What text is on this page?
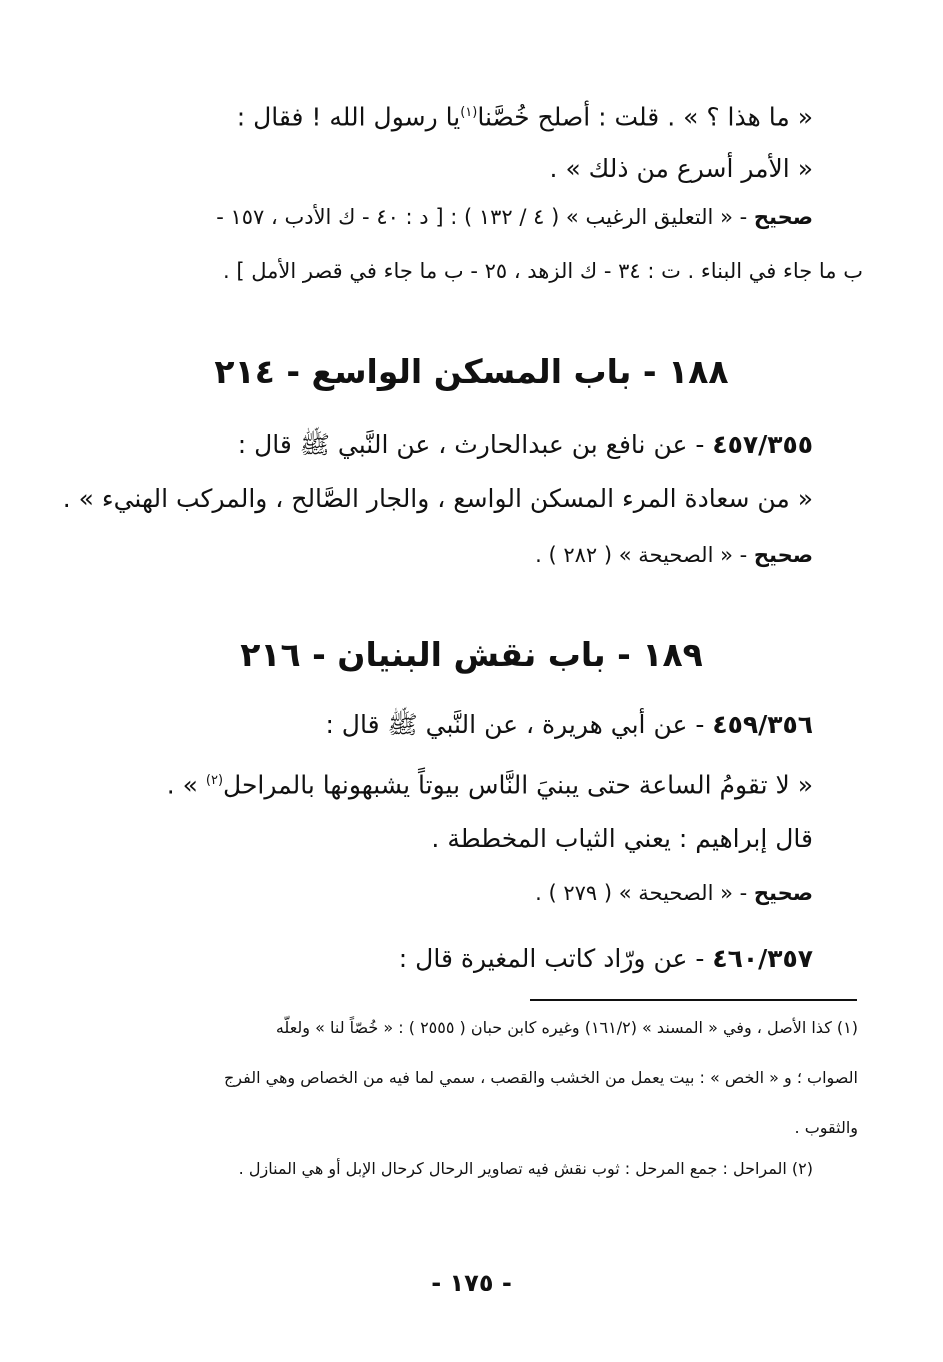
« ما هذا ؟ » . قلت : أصلح خُصَّنا$^{(١)}$يا رسول الله ! فقال :
« الأمر أسرع من ذلك » .
صحيح - « التعليق الرغيب » ( ٤ / ١٣٢ ) : [ د : ٤٠ - ك الأدب ، ١٥٧ -
ب ما جاء في البناء . ت : ٣٤ - ك الزهد ، ٢٥ - ب ما جاء في قصر الأمل ] .
١٨٨ - باب المسكن الواسع - ٢١٤
٤٥٧/٣٥٥ - عن نافع بن عبدالحارث ، عن النَّبي ﷺ قال :
« من سعادة المرء المسكن الواسع ، والجار الصَّالح ، والمركب الهنيء » .
صحيح - « الصحيحة » ( ٢٨٢ ) .
١٨٩ - باب نقش البنيان - ٢١٦
٤٥٩/٣٥٦ - عن أبي هريرة ، عن النَّبي ﷺ قال :
« لا تقومُ الساعة حتى يبنيَ النَّاس بيوتاً يشبهونها بالمراحل$^{(٢)}$ » .
قال إبراهيم : يعني الثياب المخططة .
صحيح - « الصحيحة » ( ٢٧٩ ) .
٤٦٠/٣٥٧ - عن ورّاد كاتب المغيرة قال :
(١) كذا الأصل ، وفي « المسند » (١٦١/٢) وغيره كابن حبان ( ٢٥٥٥ ) : « خُصّاً لنا » ولعلّه
الصواب ؛ و « الخص » : بيت يعمل من الخشب والقصب ، سمي لما فيه من الخصاص وهي الفرج
والثقوب .
(٢) المراحل : جمع المرحل : ثوب نقش فيه تصاوير الرحال كرحال الإبل أو هي المنازل .
- ١٧٥ -
